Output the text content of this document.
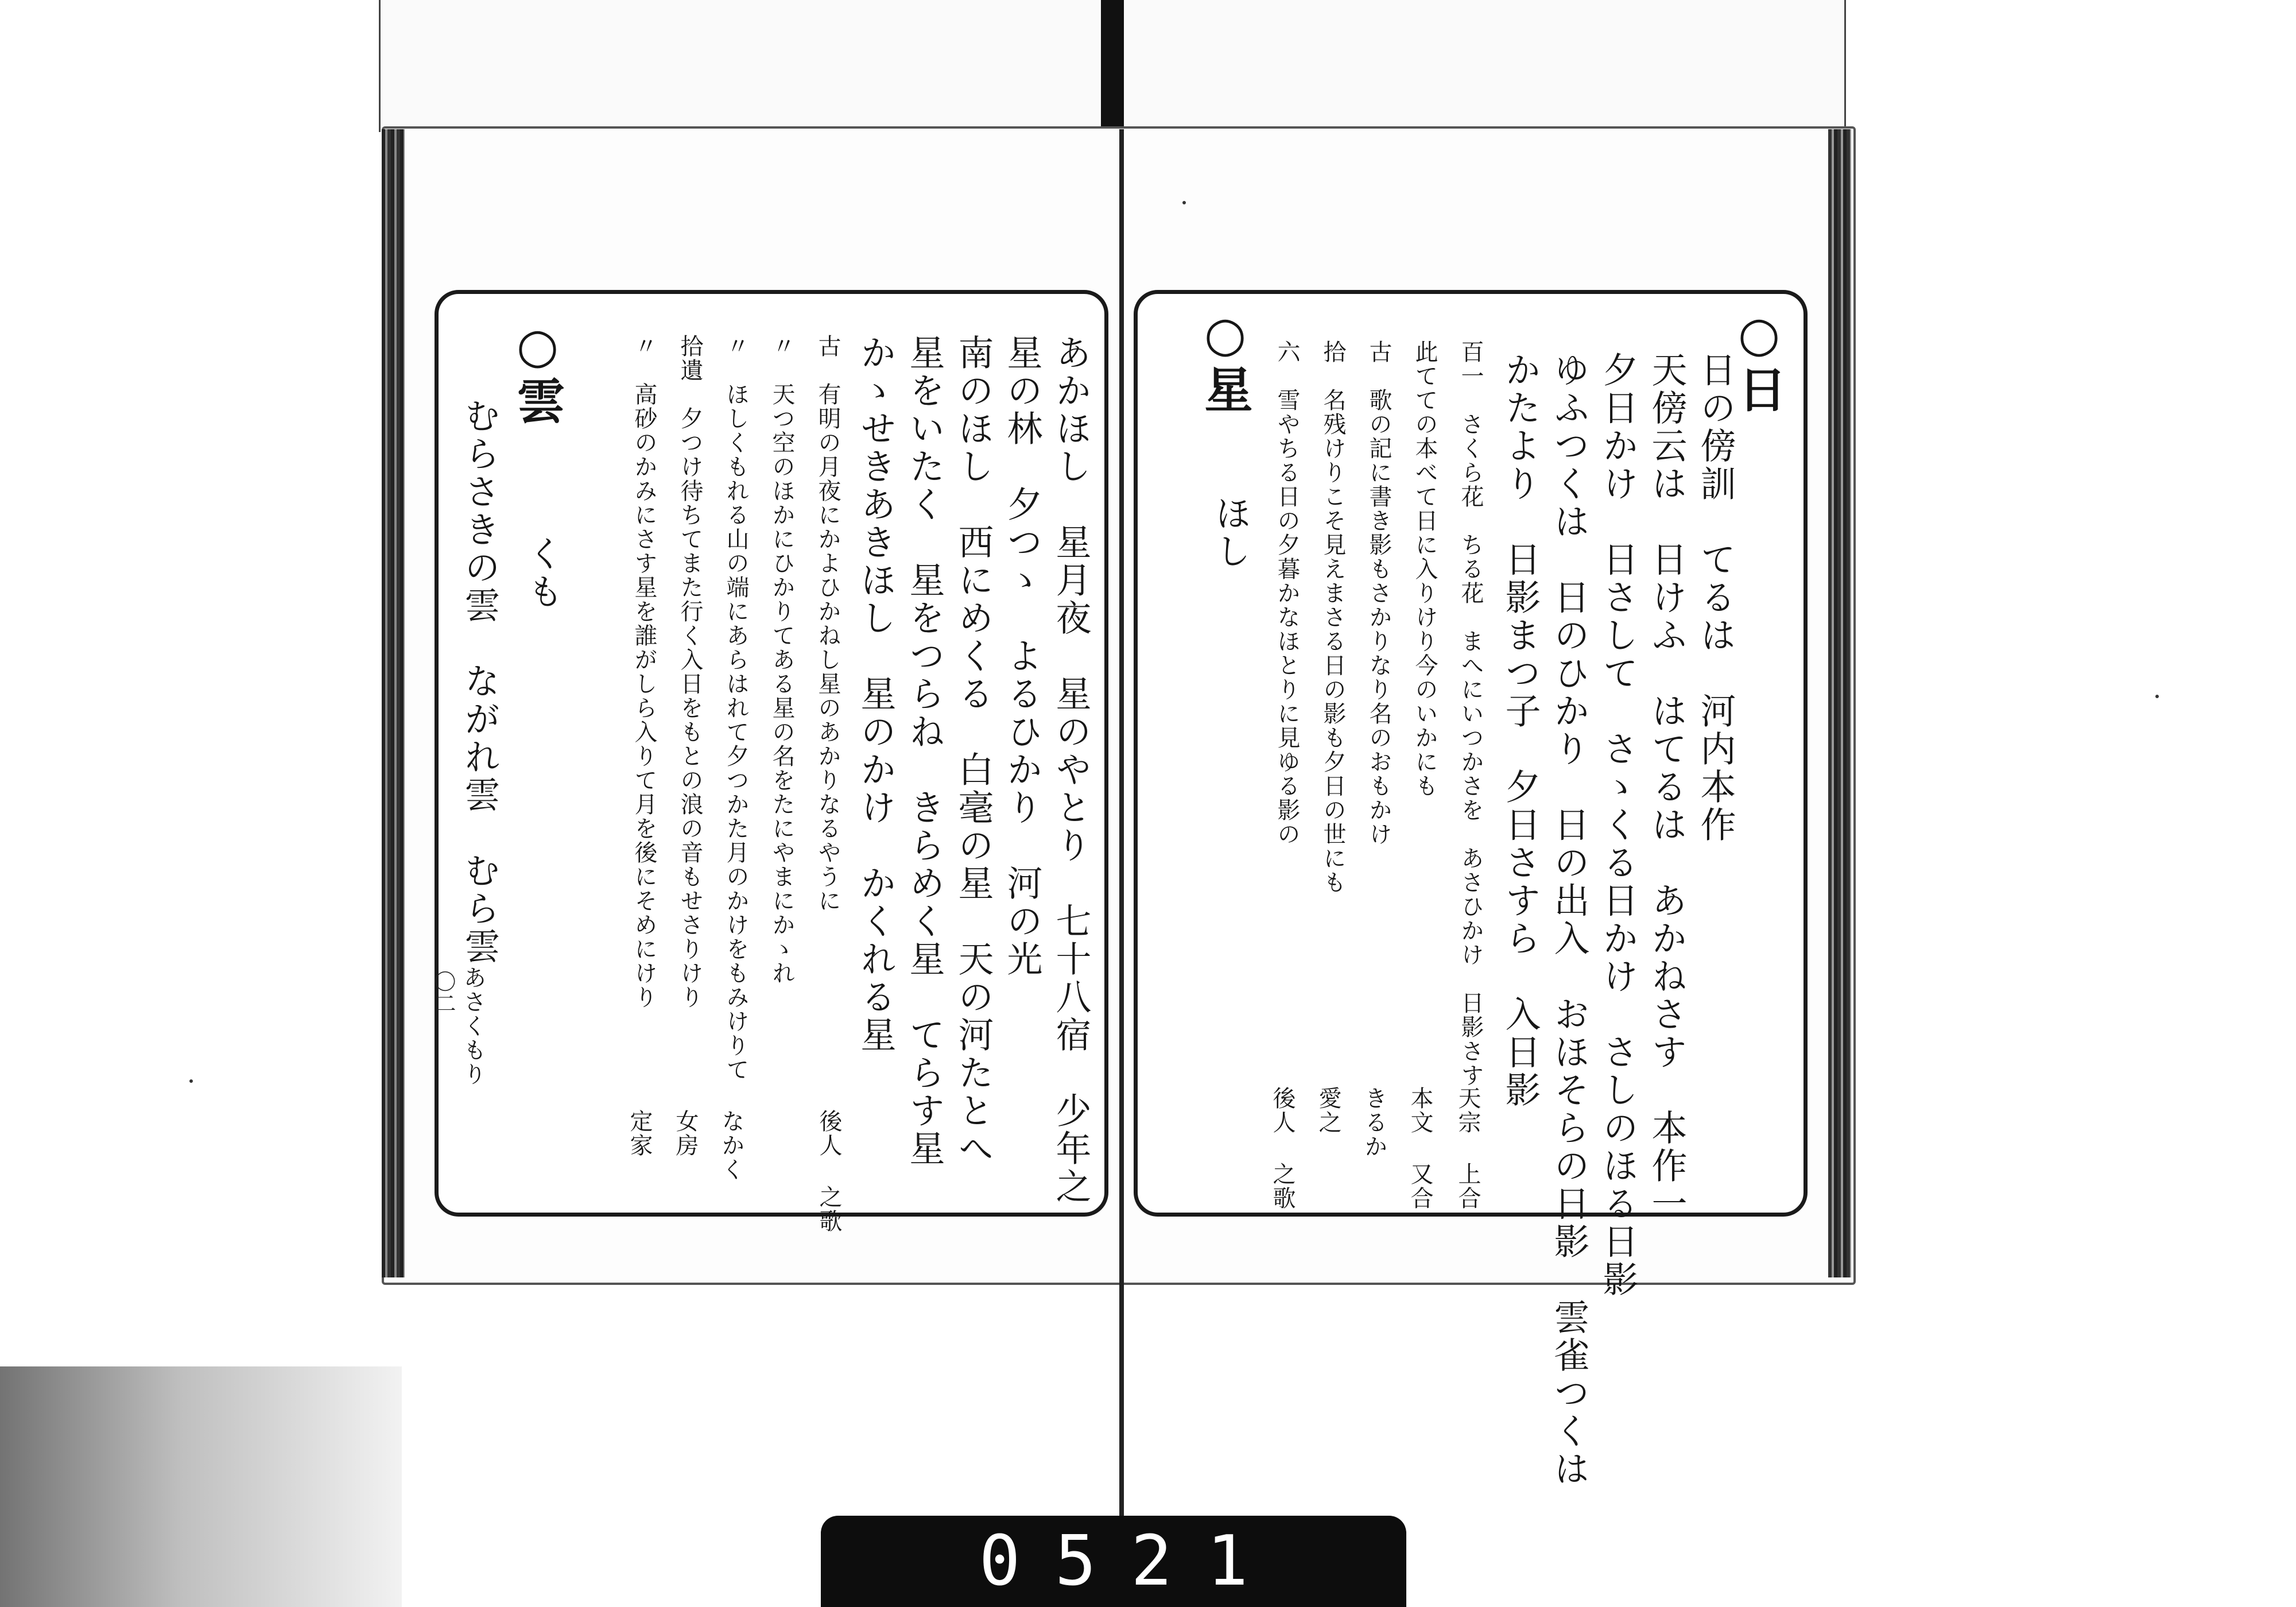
あかほし　星月夜　星のやとり　七十八宿　少年之
星の林　夕つゝ　よるひかり　河の光
南のほし　西にめくる　白毫の星　天の河たとへ
星をいたく　星をつらね　きらめく星　てらす星
かゝせきあきほし　星のかけ　かくれる星
古　有明の月夜にかよひかねし星のあかりなるやうに
後人 之歌
〃　天つ空のほかにひかりてある星の名をたにやまにかゝれ
〃　ほしくもれる山の端にあらはれて夕つかた月のかけをもみけりて
なかく
拾遺　夕つけ待ちてまた行く入日をもとの浪の音もせさりけり
女房
〃　高砂のかみにさす星を誰がしら入りて月を後にそめにけり
定家
○雲
くも
むらさきの雲　ながれ雲　むら雲
あさくもり
〇二
○日
日の傍訓　てるは　河内本作
天傍云は　日けふ　はてるは　あかねさす　本作一
夕日かけ　日さして　さゝくる日かけ　さしのほる日影
ゆふつくは　日のひかり　日の出入　おほそらの日影　雲雀つくは
かたより　日影まつ子　夕日さすら　入日影
百一　さくら花　ちる花　まへにいつかさを　あさひかけ　日影さす
天宗 上合
此てての本べて日に入りけり今のいかにも
本文 又合
古　歌の記に書き影もさかりなり名のおもかけ
きるか
拾　名残けりこそ見えまさる日の影も夕日の世にも
愛之
六　雪やちる日の夕暮かなほとりに見ゆる影の
後人 之歌
○星
ほし
0521
